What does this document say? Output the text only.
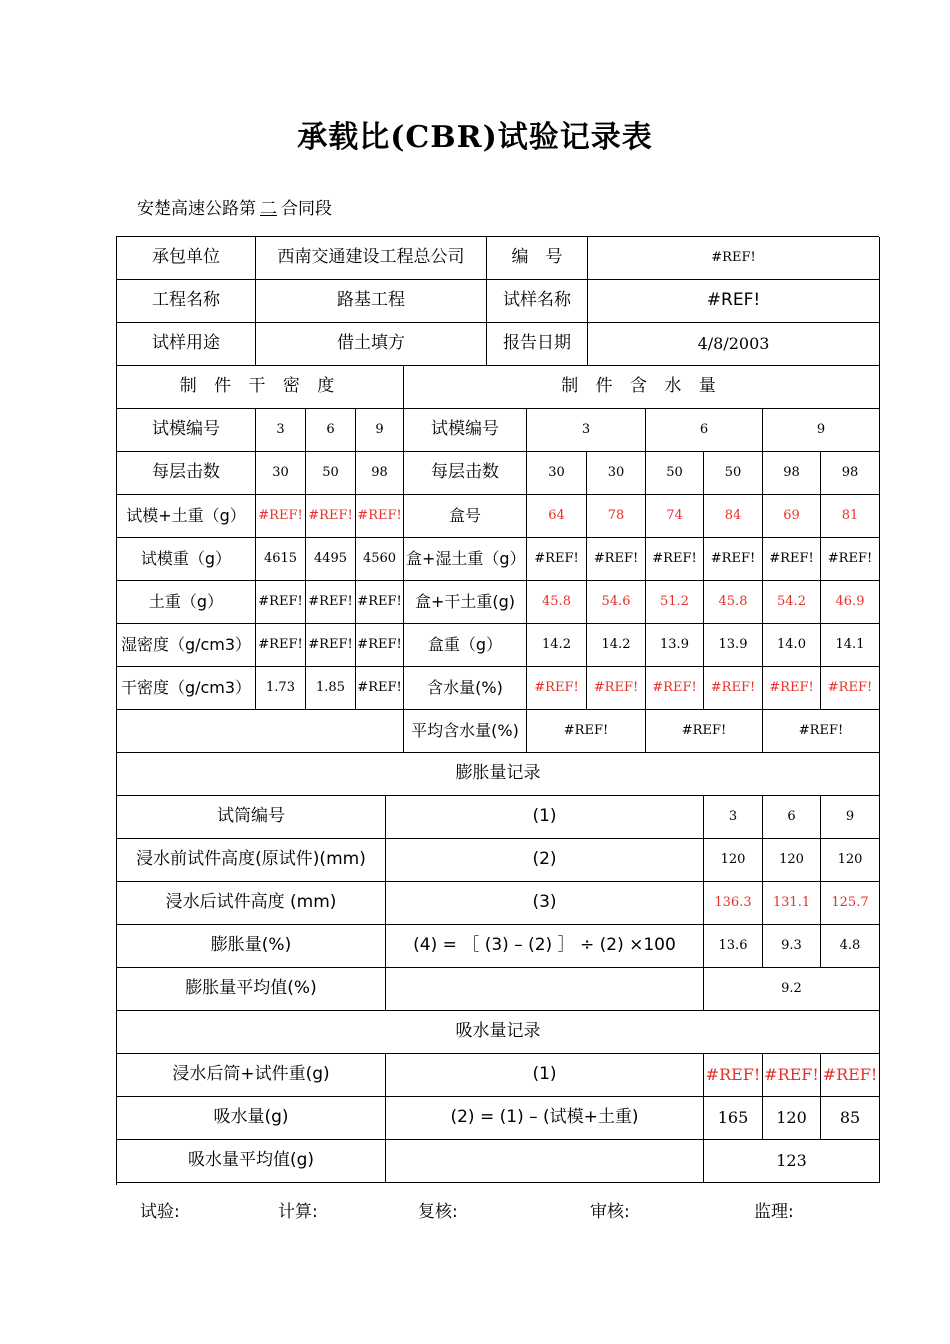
承载比(CBR)试验记录表
安楚高速公路第 二 合同段
承包单位	西南交通建设工程总公司	编　号	#REF!
工程名称	路基工程	试样名称	#REF!
试样用途	借土填方	报告日期	4/8/2003
制 件 干 密 度	制 件 含 水 量
试模编号	3	6	9
每层击数	30	50	98
试模+土重（g） #REF! #REF! #REF!
试模重（g）	4615	4495	4560
土重（g）	#REF! #REF! #REF!
湿密度（g/cm3） #REF! #REF! #REF!
干密度（g/cm3）	1.73	1.85 #REF!
试模编号	3	6	9
每层击数	30	30	50	50	98	98
盒号	64	78	74	84	69	81
盒+湿土重（g） #REF!	#REF!	#REF!	#REF!	#REF!	#REF!
盒+干土重(g)	45.8	54.6	51.2	45.8	54.2	46.9
盒重（g）	14.2	14.2	13.9	13.9	14.0	14.1
含水量(%)	#REF!	#REF!	#REF!	#REF!	#REF!	#REF!
平均含水量(%)	#REF!	#REF!	#REF!
膨胀量记录
试筒编号	(1)	3	6	9
浸水前试件高度(原试件)(mm)	(2)	120	120	120
浸水后试件高度 (mm)	(3)	136.3	131.1	125.7
膨胀量(%)	(4) = ［ (3) – (2) ］ ÷ (2) ×100	13.6	9.3	4.8
膨胀量平均值(%)	9.2
吸水量记录
浸水后筒+试件重(g)	(1)	#REF! #REF! #REF!
吸水量(g)	(2) = (1) – (试模+土重)	165	120	85
吸水量平均值(g)	123
试验:	计算:	复核:	审核:	监理:
